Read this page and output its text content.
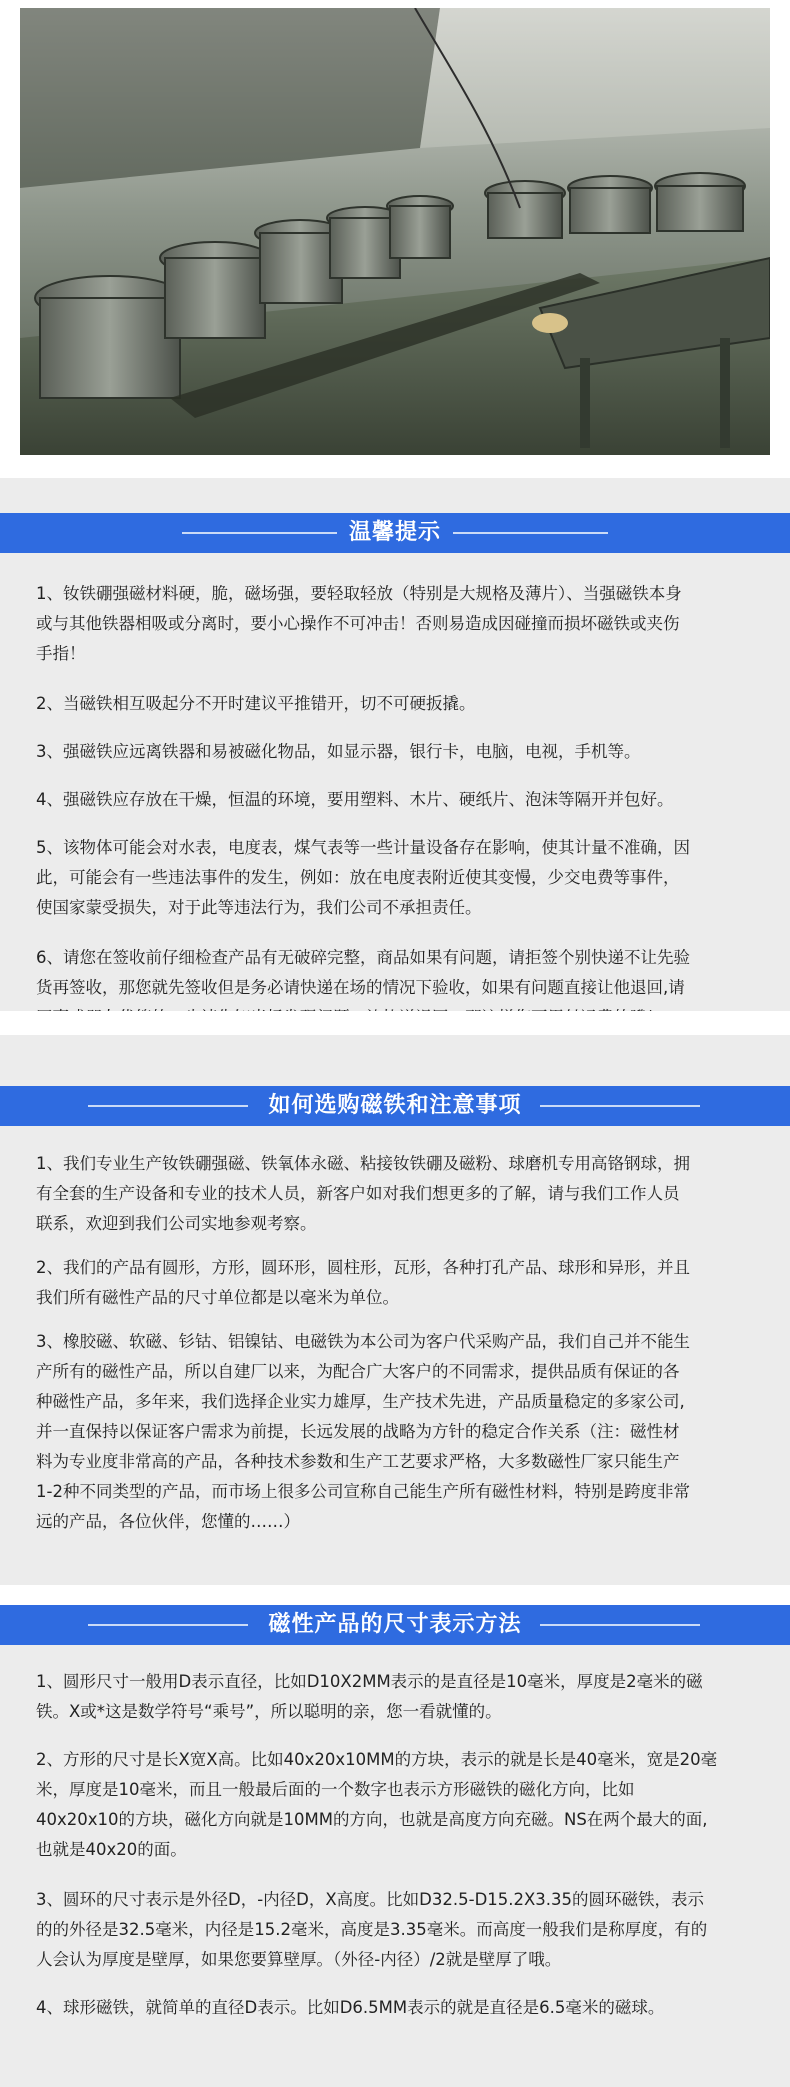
温馨提示
1、钕铁硼强磁材料硬，脆，磁场强，要轻取轻放（特别是大规格及薄片）、当强磁铁本身
或与其他铁器相吸或分离时，要小心操作不可冲击！否则易造成因碰撞而损坏磁铁或夹伤
手指！
2、当磁铁相互吸起分不开时建议平推错开，切不可硬扳撬。
3、强磁铁应远离铁器和易被磁化物品，如显示器，银行卡，电脑，电视，手机等。
4、强磁铁应存放在干燥，恒温的环境，要用塑料、木片、硬纸片、泡沫等隔开并包好。
5、该物体可能会对水表，电度表，煤气表等一些计量设备存在影响，使其计量不准确，因
此，可能会有一些违法事件的发生，例如：放在电度表附近使其变慢，少交电费等事件，
使国家蒙受损失，对于此等违法行为，我们公司不承担责任。
6、请您在签收前仔细检查产品有无破碎完整，商品如果有问题，请拒签个别快递不让先验
货再签收，那您就先签收但是务必请快递在场的情况下验收，如果有问题直接让他退回,请

如何选购磁铁和注意事项
1、我们专业生产钕铁硼强磁、铁氧体永磁、粘接钕铁硼及磁粉、球磨机专用高铬钢球，拥
有全套的生产设备和专业的技术人员，新客户如对我们想更多的了解，请与我们工作人员
联系，欢迎到我们公司实地参观考察。
2、我们的产品有圆形，方形，圆环形，圆柱形，瓦形，各种打孔产品、球形和异形，并且
我们所有磁性产品的尺寸单位都是以毫米为单位。
3、橡胶磁、软磁、钐钴、铝镍钴、电磁铁为本公司为客户代采购产品，我们自己并不能生
产所有的磁性产品，所以自建厂以来，为配合广大客户的不同需求，提供品质有保证的各
种磁性产品，多年来，我们选择企业实力雄厚，生产技术先进，产品质量稳定的多家公司,
并一直保持以保证客户需求为前提，长远发展的战略为方针的稳定合作关系（注：磁性材
料为专业度非常高的产品，各种技术参数和生产工艺要求严格，大多数磁性厂家只能生产
1-2种不同类型的产品，而市场上很多公司宣称自己能生产所有磁性材料，特别是跨度非常
远的产品，各位伙伴，您懂的……）
磁性产品的尺寸表示方法
1、圆形尺寸一般用D表示直径，比如D10X2MM表示的是直径是10毫米，厚度是2毫米的磁
铁。X或*这是数学符号“乘号”，所以聪明的亲，您一看就懂的。
2、方形的尺寸是长X宽X高。比如40x20x10MM的方块，表示的就是长是40毫米，宽是20毫
米，厚度是10毫米，而且一般最后面的一个数字也表示方形磁铁的磁化方向，比如
40x20x10的方块，磁化方向就是10MM的方向，也就是高度方向充磁。NS在两个最大的面,
也就是40x20的面。
3、圆环的尺寸表示是外径D，-内径D，X高度。比如D32.5-D15.2X3.35的圆环磁铁，表示
的的外径是32.5毫米，内径是15.2毫米，高度是3.35毫米。而高度一般我们是称厚度，有的
人会认为厚度是壁厚，如果您要算壁厚。（外径-内径）/2就是壁厚了哦。
4、球形磁铁，就简单的直径D表示。比如D6.5MM表示的就是直径是6.5毫米的磁球。
